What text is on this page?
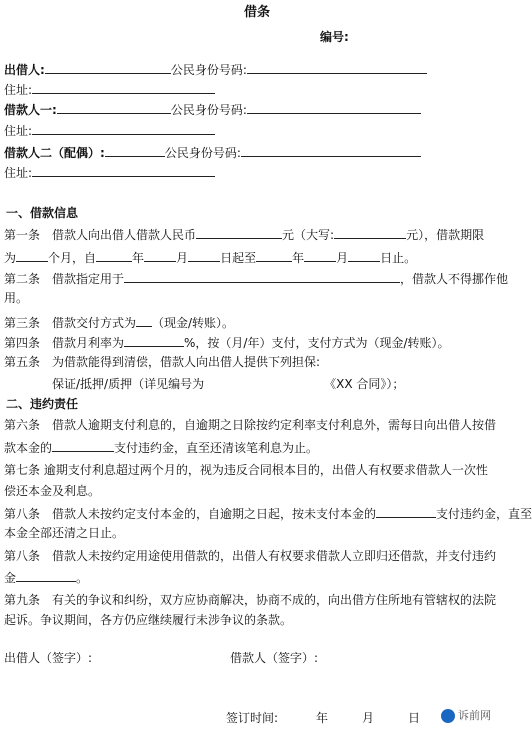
借条
编号:
出借人:	公民身份号码:
住址:
借款人一:	公民身份号码:
住址:
借款人二（配偶）:	公民身份号码:
住址:
一、借款信息
第一条　借款人向出借人借款人民币	元（大写:	元），借款期限
为	个月，自	年	月	日起至	年	月	日止。
第二条　借款指定用于	，借款人不得挪作他
用。
第三条　借款交付方式为 （现金/转账）。
第四条　借款月利率为	%，按（月/年）支付，支付方式为（现金/转账）。
第五条　为借款能得到清偿，借款人向出借人提供下列担保:
保证/抵押/质押（详见编号为	《XX 合同》）；
二、违约责任
第六条　借款人逾期支付利息的，自逾期之日除按约定利率支付利息外，需每日向出借人按借
款本金的	支付违约金，直至还清该笔利息为止。
第七条 逾期支付利息超过两个月的，视为违反合同根本目的，出借人有权要求借款人一次性
偿还本金及利息。
第八条　借款人未按约定支付本金的，自逾期之日起，按未支付本金的	支付违约金，直至
本金全部还清之日止。
第八条　借款人未按约定用途使用借款的，出借人有权要求借款人立即归还借款，并支付违约
金	。
第九条　有关的争议和纠纷，双方应协商解决，协商不成的，向出借方住所地有管辖权的法院
起诉。争议期间，各方仍应继续履行未涉争议的条款。
出借人（签字）:	借款人（签字）:
签订时间:	年	月	日	诉前网
